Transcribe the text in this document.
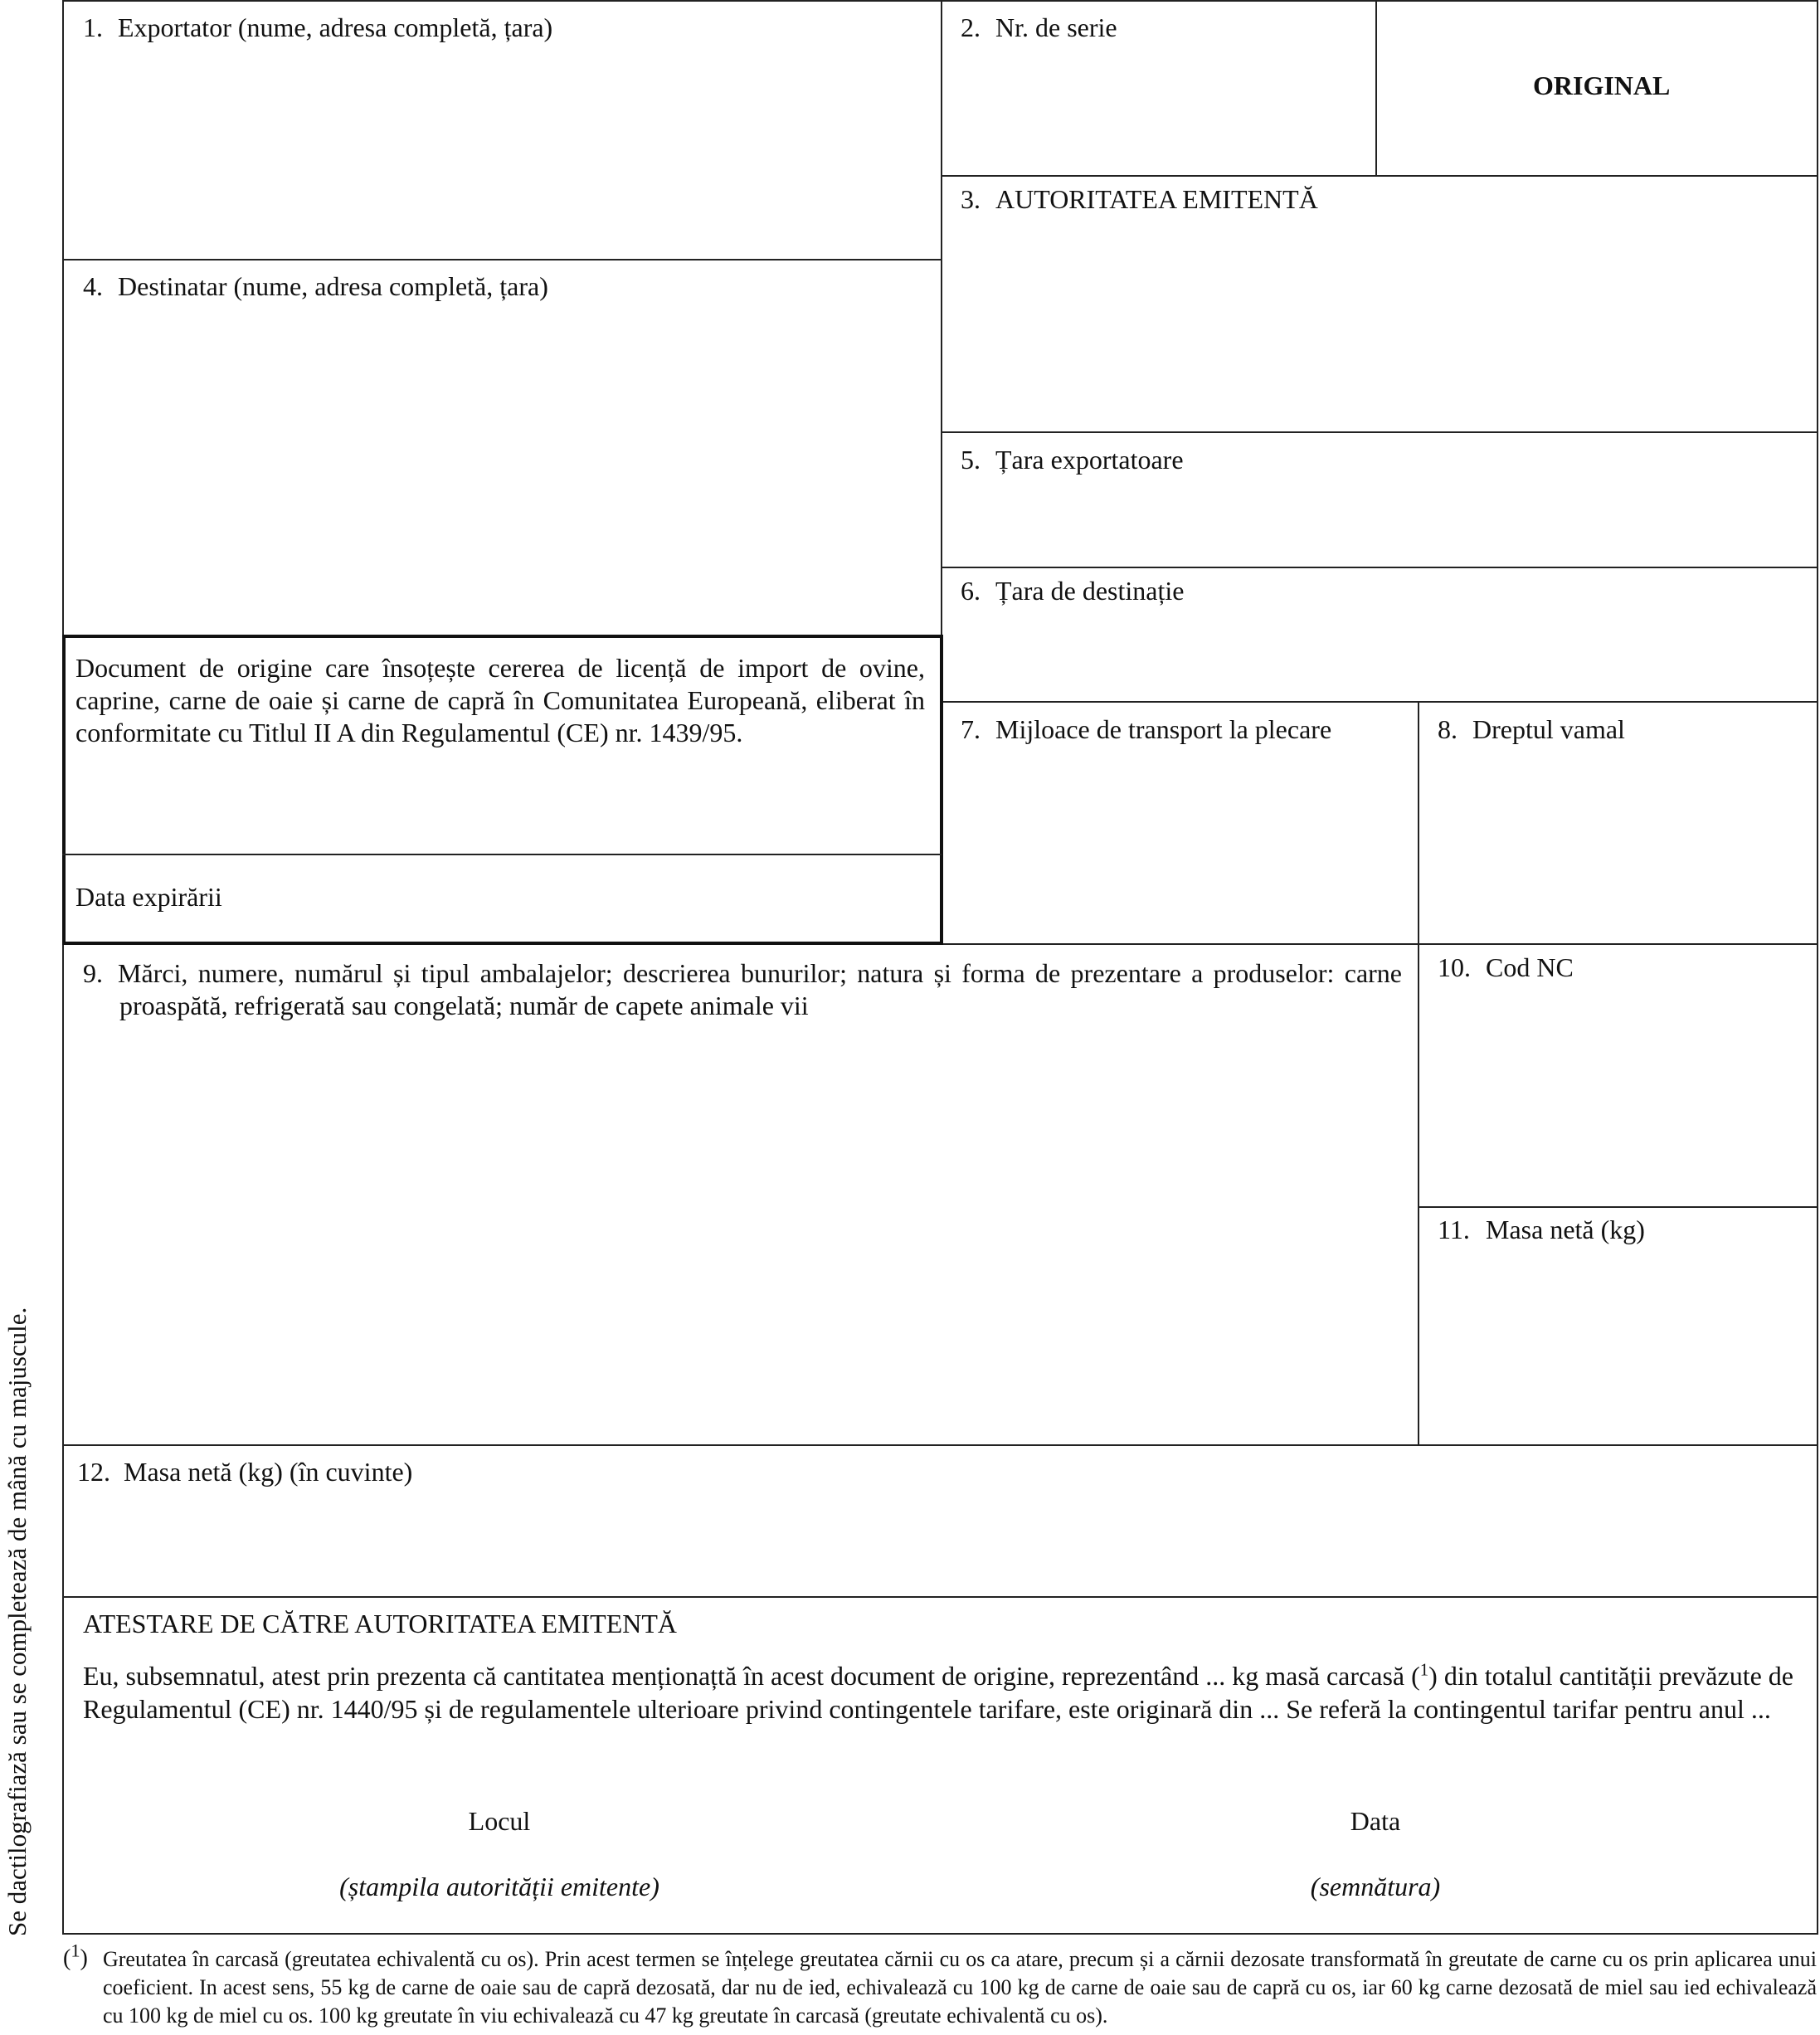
1. Exportator (nume, adresa completă, țara)	2. Nr. de serie
ORIGINAL
3. AUTORITATEA EMITENTĂ
4. Destinatar (nume, adresa completă, țara)
5. Țara exportatoare
6. Țara de destinație
Document de origine care însoțește cererea de licență de import de ovine, caprine, carne de oaie și carne de capră în Comunitatea Europeană, eliberat în conformitate cu Titlul II A din Regulamentul (CE) nr. 1439/95.
Data expirării
7. Mijloace de transport la plecare	8. Dreptul vamal
9. Mărci, numere, numărul și tipul ambalajelor; descrierea bunurilor; natura și forma de prezentare a produselor: carne proaspătă, refrigerată sau congelată; număr de capete animale vii
10. Cod NC
11. Masa netă (kg)
12. Masa netă (kg) (în cuvinte)
ATESTARE DE CĂTRE AUTORITATEA EMITENTĂ
Eu, subsemnatul, atest prin prezenta că cantitatea menționațtă în acest document de origine, reprezentând ... kg masă carcasă ($^1$) din totalul cantității prevăzute de Regulamentul (CE) nr. 1440/95 și de regulamentele ulterioare privind contingentele tarifare, este originară din ... Se referă la contingentul tarifar pentru anul ...
Locul	Data
(ștampila autorității emitente)	(semnătura)
Se dactilografiază sau se completează de mână cu majuscule.
($^1$) Greutatea în carcasă (greutatea echivalentă cu os). Prin acest termen se înțelege greutatea cărnii cu os ca atare, precum și a cărnii dezosate transformată în greutate de carne cu os prin aplicarea unui coeficient. In acest sens, 55 kg de carne de oaie sau de capră dezosată, dar nu de ied, echivalează cu 100 kg de carne de oaie sau de capră cu os, iar 60 kg carne dezosată de miel sau ied echivalează cu 100 kg de miel cu os. 100 kg greutate în viu echivalează cu 47 kg greutate în carcasă (greutate echivalentă cu os).
